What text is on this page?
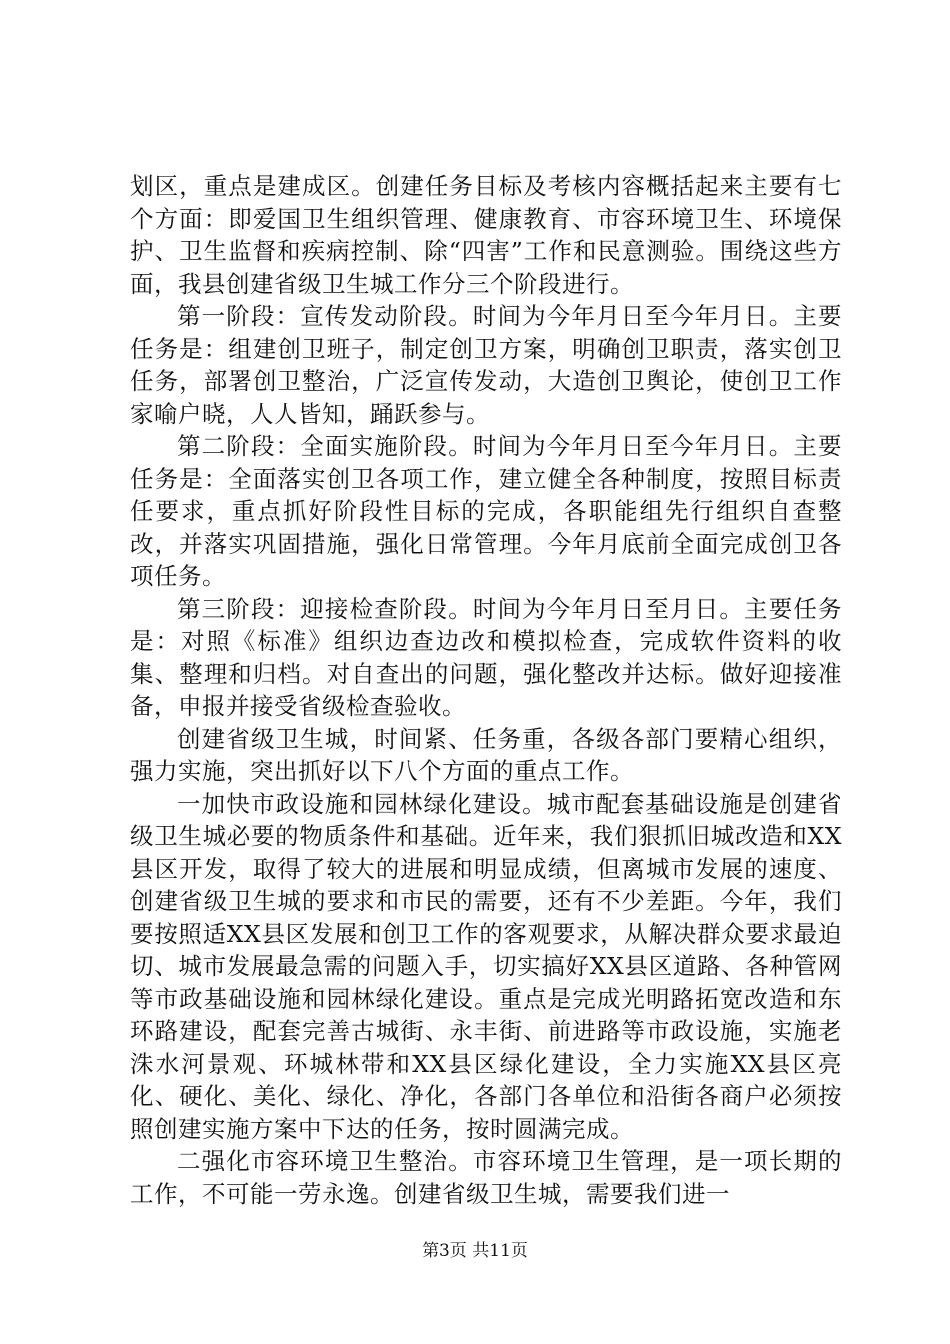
划区，重点是建成区。创建任务目标及考核内容概括起来主要有七个方面：即爱国卫生组织管理、健康教育、市容环境卫生、环境保护、卫生监督和疾病控制、除“四害”工作和民意测验。围绕这些方面，我县创建省级卫生城工作分三个阶段进行。

第一阶段：宣传发动阶段。时间为今年月日至今年月日。主要任务是：组建创卫班子，制定创卫方案，明确创卫职责，落实创卫任务，部署创卫整治，广泛宣传发动，大造创卫舆论，使创卫工作家喻户晓，人人皆知，踊跃参与。

第二阶段：全面实施阶段。时间为今年月日至今年月日。主要任务是：全面落实创卫各项工作，建立健全各种制度，按照目标责任要求，重点抓好阶段性目标的完成，各职能组先行组织自查整改，并落实巩固措施，强化日常管理。今年月底前全面完成创卫各项任务。

第三阶段：迎接检查阶段。时间为今年月日至月日。主要任务是：对照《标准》组织边查边改和模拟检查，完成软件资料的收集、整理和归档。对自查出的问题，强化整改并达标。做好迎接准备，申报并接受省级检查验收。

创建省级卫生城，时间紧、任务重，各级各部门要精心组织，强力实施，突出抓好以下八个方面的重点工作。

一加快市政设施和园林绿化建设。城市配套基础设施是创建省级卫生城必要的物质条件和基础。近年来，我们狠抓旧城改造和XX县区开发，取得了较大的进展和明显成绩，但离城市发展的速度、创建省级卫生城的要求和市民的需要，还有不少差距。今年，我们要按照适XX县区发展和创卫工作的客观要求，从解决群众要求最迫切、城市发展最急需的问题入手，切实搞好XX县区道路、各种管网等市政基础设施和园林绿化建设。重点是完成光明路拓宽改造和东环路建设，配套完善古城街、永丰街、前进路等市政设施，实施老洙水河景观、环城林带和XX县区绿化建设，全力实施XX县区亮化、硬化、美化、绿化、净化，各部门各单位和沿街各商户必须按照创建实施方案中下达的任务，按时圆满完成。

二强化市容环境卫生整治。市容环境卫生管理，是一项长期的工作，不可能一劳永逸。创建省级卫生城，需要我们进一

第3页 共11页
